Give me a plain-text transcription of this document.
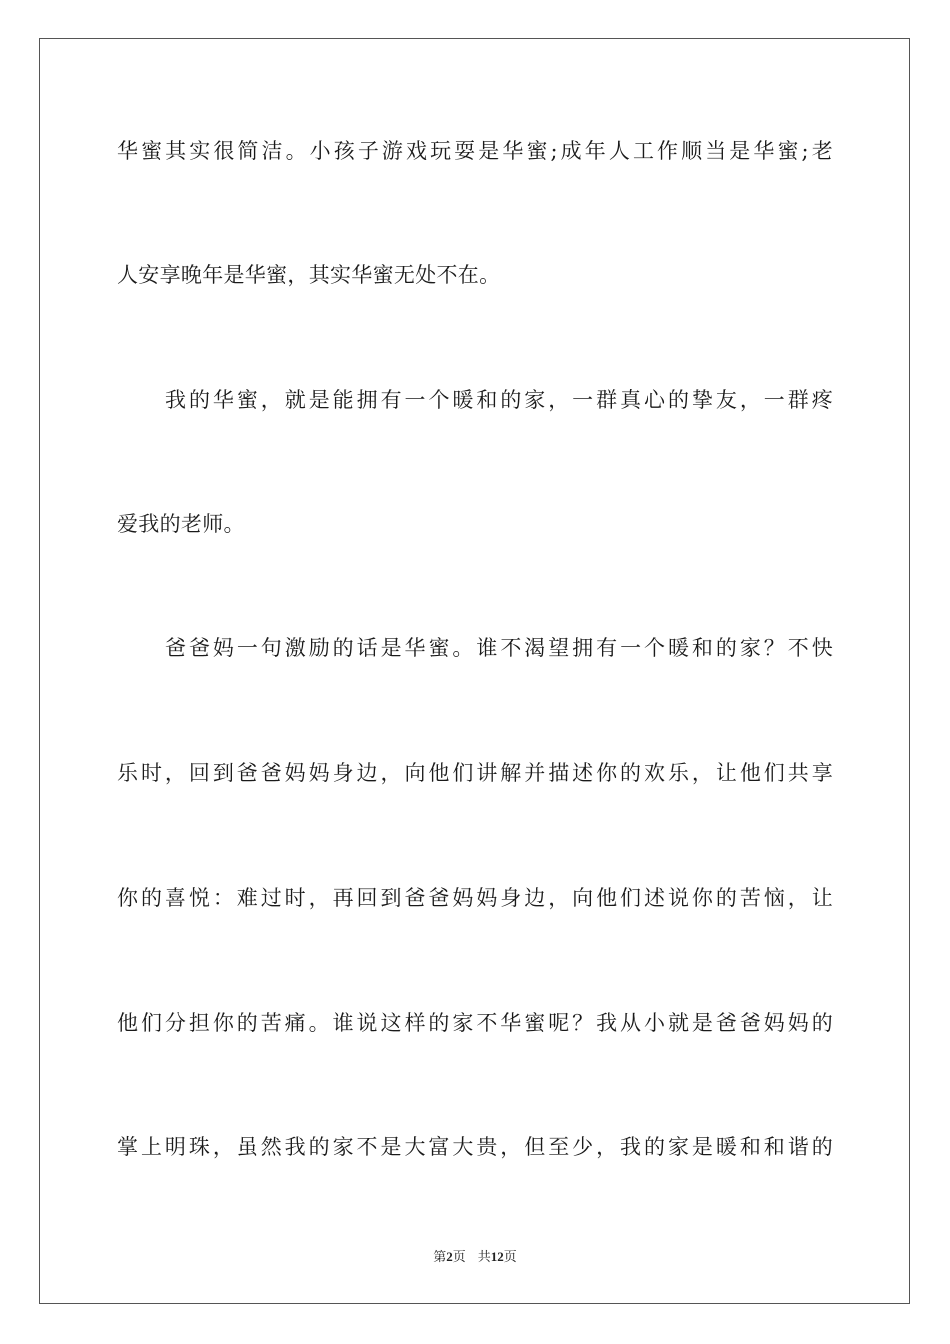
华蜜其实很简洁。小孩子游戏玩耍是华蜜;成年人工作顺当是华蜜;老
人安享晚年是华蜜，其实华蜜无处不在。
我的华蜜，就是能拥有一个暖和的家，一群真心的挚友，一群疼
爱我的老师。
爸爸妈一句激励的话是华蜜。谁不渴望拥有一个暖和的家？不快
乐时，回到爸爸妈妈身边，向他们讲解并描述你的欢乐，让他们共享
你的喜悦：难过时，再回到爸爸妈妈身边，向他们述说你的苦恼，让
他们分担你的苦痛。谁说这样的家不华蜜呢？我从小就是爸爸妈妈的
掌上明珠，虽然我的家不是大富大贵，但至少，我的家是暖和和谐的
第2页 共12页
